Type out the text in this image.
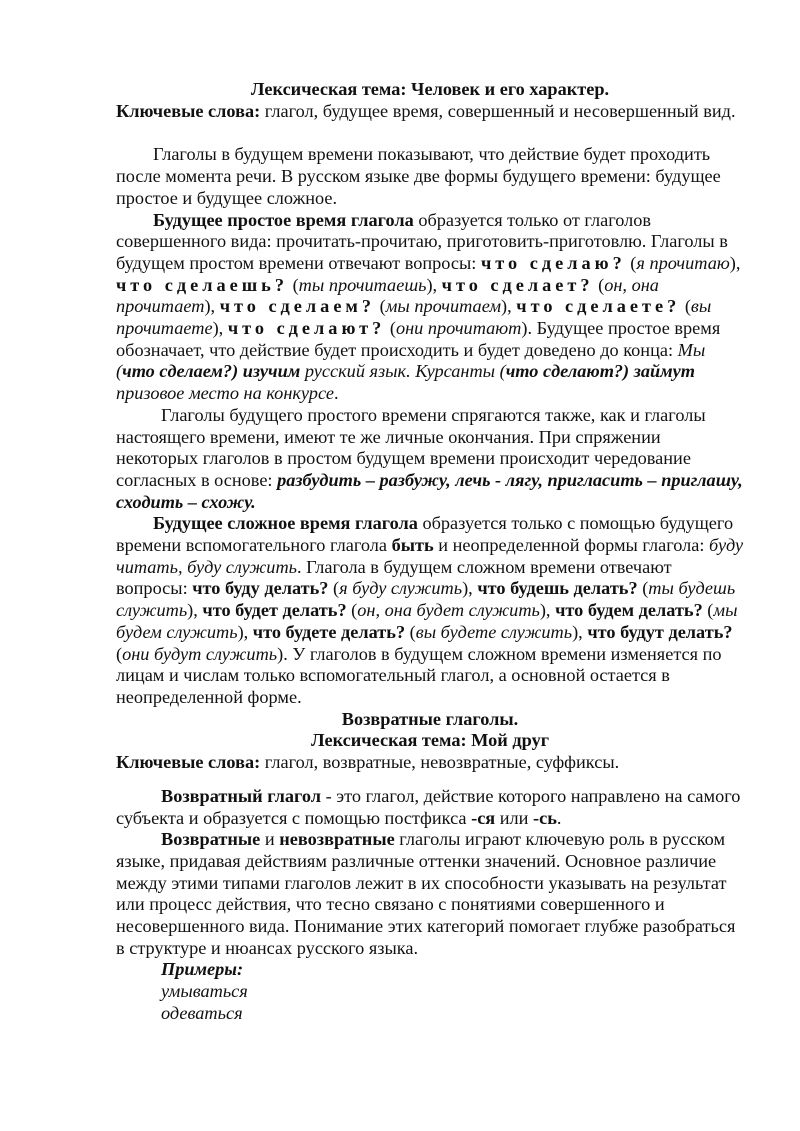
Лексическая тема: Человек и его характер.

Ключевые слова: глагол, будущее время, совершенный и несовершенный вид.

Глаголы в будущем времени показывают, что действие будет проходить после момента речи. В русском языке две формы будущего времени: будущее простое и будущее сложное.

Будущее простое время глагола образуется только от глаголов совершенного вида: прочитать-прочитаю, приготовить-приготовлю. Глаголы в будущем простом времени отвечают вопросы: что сделаю? (я прочитаю), что сделаешь? (ты прочитаешь), что сделает? (он, она прочитает), что сделаем? (мы прочитаем), что сделаете? (вы прочитаете), что сделают? (они прочитают). Будущее простое время обозначает, что действие будет происходить и будет доведено до конца: Мы (что сделаем?) изучим русский язык. Курсанты (что сделают?) займут призовое место на конкурсе.

Глаголы будущего простого времени спрягаются также, как и глаголы настоящего времени, имеют те же личные окончания. При спряжении некоторых глаголов в простом будущем времени происходит чередование согласных в основе: разбудить – разбужу, лечь - лягу, пригласить – приглашу, сходить – схожу.

Будущее сложное время глагола образуется только с помощью будущего времени вспомогательного глагола быть и неопределенной формы глагола: буду читать, буду служить. Глагола в будущем сложном времени отвечают вопросы: что буду делать? (я буду служить), что будешь делать? (ты будешь служить), что будет делать? (он, она будет служить), что будем делать? (мы будем служить), что будете делать? (вы будете служить), что будут делать? (они будут служить). У глаголов в будущем сложном времени изменяется по лицам и числам только вспомогательный глагол, а основной остается в неопределенной форме.

Возвратные глаголы.

Лексическая тема: Мой друг

Ключевые слова: глагол, возвратные, невозвратные, суффиксы.

Возвратный глагол - это глагол, действие которого направлено на самого субъекта и образуется с помощью постфикса -ся или -сь.

Возвратные и невозвратные глаголы играют ключевую роль в русском языке, придавая действиям различные оттенки значений. Основное различие между этими типами глаголов лежит в их способности указывать на результат или процесс действия, что тесно связано с понятиями совершенного и несовершенного вида. Понимание этих категорий помогает глубже разобраться в структуре и нюансах русского языка.

Примеры:

умываться

одеваться
